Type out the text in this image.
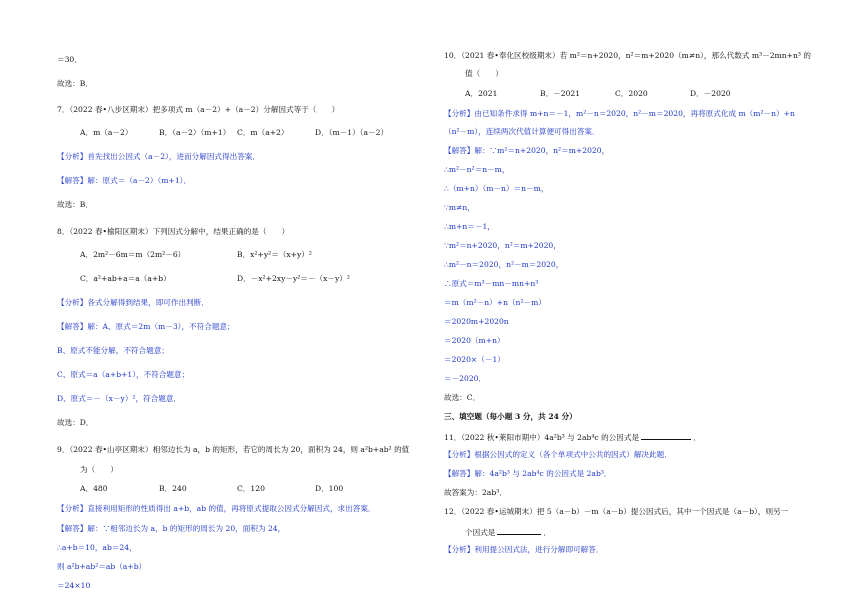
＝30．
故选：B．
7．（2022 春•八步区期末）把多项式 m（a－2）+（a－2）分解因式等于（　　）
A．m（a－2）	B．（a－2）（m+1） C．m（a+2）	D．（m－1）（a－2）
【分析】首先找出公因式（a－2），进而分解因式得出答案．
【解答】解：原式＝（a－2）（m+1）．
故选：B．
8．（2022 春•榆阳区期末）下列因式分解中，结果正确的是（　　）
A．2m²－6m＝m（2m²－6）	B．x²+y²＝（x+y）²
C．a²+ab+a＝a（a+b）	D．－x²+2xy－y²＝－（x－y）²
【分析】各式分解得到结果，即可作出判断．
【解答】解：A、原式＝2m（m－3），不符合题意；
B、原式不能分解，不符合题意；
C、原式＝a（a+b+1），不符合题意；
D、原式＝－（x－y）²，符合题意．
故选：D．
9．（2022 春•山亭区期末）相邻边长为 a，b 的矩形，若它的周长为 20，面积为 24，则 a²b+ab² 的值
为（　　）
A．480	B．240	C．120	D．100
【分析】直接利用矩形的性质得出 a+b，ab 的值，再将原式提取公因式分解因式，求出答案．
【解答】解：∵相邻边长为 a，b 的矩形的周长为 20，面积为 24，
∴a+b＝10，ab＝24，
则 a²b+ab²＝ab（a+b）
＝24×10
10．（2021 春•奉化区校级期末）若 m²＝n+2020，n²＝m+2020（m≠n），那么代数式 m³－2mn+n³ 的
值（　　）
A．2021	B．－2021	C．2020	D．－2020
【分析】由已知条件求得 m+n＝－1，m²－n＝2020，n²－m＝2020，再将原式化成 m（m²－n）+n
（n²－m），连续两次代值计算便可得出答案．
【解答】解：∵m²＝n+2020，n²＝m+2020，
∴m²－n²＝n－m，
∴（m+n）（m－n）＝n－m，
∵m≠n，
∴m+n＝－1，
∵m²＝n+2020，n²＝m+2020，
∴m²－n＝2020，n²－m＝2020，
∴原式＝m³－mn－mn+n³
＝m（m²－n）+n（n²－m）
＝2020m+2020n
＝2020（m+n）
＝2020×（－1）
＝－2020．
故选：C．
三、填空题（每小题 3 分，共 24 分）
11．（2022 秋•莱阳市期中）4a²b³ 与 2ab⁴c 的公因式是	．
【分析】根据公因式的定义（各个单项式中公共的因式）解决此题．
【解答】解：4a²b³ 与 2ab⁴c 的公因式是 2ab³．
故答案为：2ab³．
12．（2022 春•运城期末）把 5（a－b）－m（a－b）提公因式后，其中一个因式是（a－b），则另一
个因式是	．
【分析】利用提公因式法，进行分解即可解答．
